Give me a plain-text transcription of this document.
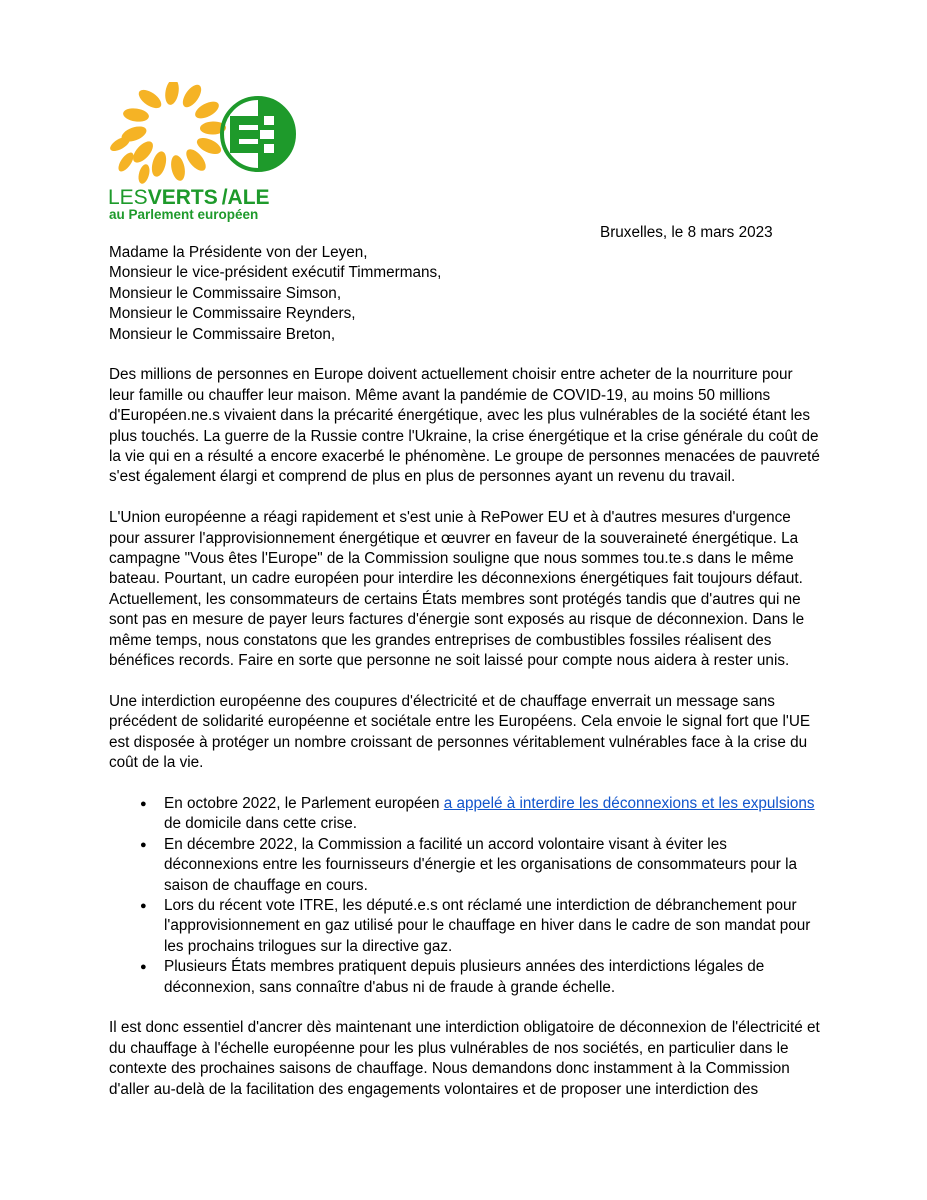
LESVERTS /ALE
au Parlement européen
Bruxelles, le 8 mars 2023

Madame la Présidente von der Leyen,

Monsieur le vice-président exécutif Timmermans,

Monsieur le Commissaire Simson,

Monsieur le Commissaire Reynders,

Monsieur le Commissaire Breton,

Des millions de personnes en Europe doivent actuellement choisir entre acheter de la nourriture pour leur famille ou chauffer leur maison. Même avant la pandémie de COVID-19, au moins 50 millions d'Européen.ne.s vivaient dans la précarité énergétique, avec les plus vulnérables de la société étant les plus touchés. La guerre de la Russie contre l'Ukraine, la crise énergétique et la crise générale du coût de la vie qui en a résulté a encore exacerbé le phénomène. Le groupe de personnes menacées de pauvreté s'est également élargi et comprend de plus en plus de personnes ayant un revenu du travail.

L'Union européenne a réagi rapidement et s'est unie à RePower EU et à d'autres mesures d'urgence pour assurer l'approvisionnement énergétique et œuvrer en faveur de la souveraineté énergétique. La campagne "Vous êtes l'Europe" de la Commission souligne que nous sommes tou.te.s dans le même bateau. Pourtant, un cadre européen pour interdire les déconnexions énergétiques fait toujours défaut. Actuellement, les consommateurs de certains États membres sont protégés tandis que d'autres qui ne sont pas en mesure de payer leurs factures d'énergie sont exposés au risque de déconnexion. Dans le même temps, nous constatons que les grandes entreprises de combustibles fossiles réalisent des bénéfices records. Faire en sorte que personne ne soit laissé pour compte nous aidera à rester unis.

Une interdiction européenne des coupures d'électricité et de chauffage enverrait un message sans précédent de solidarité européenne et sociétale entre les Européens. Cela envoie le signal fort que l'UE est disposée à protéger un nombre croissant de personnes véritablement vulnérables face à la crise du coût de la vie.

● En octobre 2022, le Parlement européen a appelé à interdire les déconnexions et les expulsions de domicile dans cette crise.
● En décembre 2022, la Commission a facilité un accord volontaire visant à éviter les déconnexions entre les fournisseurs d'énergie et les organisations de consommateurs pour la saison de chauffage en cours.
● Lors du récent vote ITRE, les député.e.s ont réclamé une interdiction de débranchement pour l'approvisionnement en gaz utilisé pour le chauffage en hiver dans le cadre de son mandat pour les prochains trilogues sur la directive gaz.
● Plusieurs États membres pratiquent depuis plusieurs années des interdictions légales de déconnexion, sans connaître d'abus ni de fraude à grande échelle.

Il est donc essentiel d'ancrer dès maintenant une interdiction obligatoire de déconnexion de l'électricité et du chauffage à l'échelle européenne pour les plus vulnérables de nos sociétés, en particulier dans le contexte des prochaines saisons de chauffage. Nous demandons donc instamment à la Commission d'aller au-delà de la facilitation des engagements volontaires et de proposer une interdiction des
